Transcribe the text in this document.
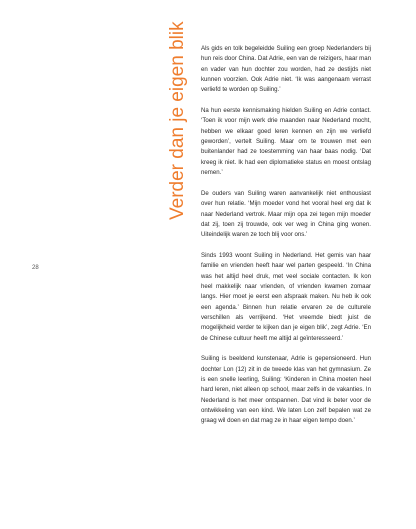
Verder dan je eigen blik
28

Als gids en tolk begeleidde Suiling een groep Nederlanders bij hun reis door China. Dat Adrie, een van de reizigers, haar man en vader van hun dochter zou worden, had ze destijds niet kunnen voorzien. Ook Adrie niet. ‘Ik was aangenaam verrast verliefd te worden op Suiling.’

Na hun eerste kennismaking hielden Suiling en Adrie contact. ‘Toen ik voor mijn werk drie maanden naar Nederland mocht, hebben we elkaar goed leren kennen en zijn we verliefd geworden’, vertelt Suiling. Maar om te trouwen met een buitenlander had ze toestemming van haar baas nodig. ‘Dat kreeg ik niet. Ik had een diplomatieke status en moest ontslag nemen.’

De ouders van Suiling waren aanvankelijk niet enthousiast over hun relatie. ‘Mijn moeder vond het vooral heel erg dat ik naar Nederland vertrok. Maar mijn opa zei tegen mijn moeder dat zij, toen zij trouwde, ook ver weg in China ging wonen. Uiteindelijk waren ze toch blij voor ons.’

Sinds 1993 woont Suiling in Nederland. Het gemis van haar familie en vrienden heeft haar wel parten gespeeld. ‘In China was het altijd heel druk, met veel sociale contacten. Ik kon heel makkelijk naar vrienden, of vrienden kwamen zomaar langs. Hier moet je eerst een afspraak maken. Nu heb ik ook een agenda.’ Binnen hun relatie ervaren ze de culturele verschillen als verrijkend. ‘Het vreemde biedt juist de mogelijkheid verder te kijken dan je eigen blik’, zegt Adrie. ‘En de Chinese cultuur heeft me altijd al geïnteresseerd.’

Suiling is beeldend kunstenaar, Adrie is gepensioneerd. Hun dochter Lon (12) zit in de tweede klas van het gymnasium. Ze is een snelle leerling, Suiling: ‘Kinderen in China moeten heel hard leren, niet alleen op school, maar zelfs in de vakanties. In Nederland is het meer ontspannen. Dat vind ik beter voor de ontwikkeling van een kind. We laten Lon zelf bepalen wat ze graag wil doen en dat mag ze in haar eigen tempo doen.’
